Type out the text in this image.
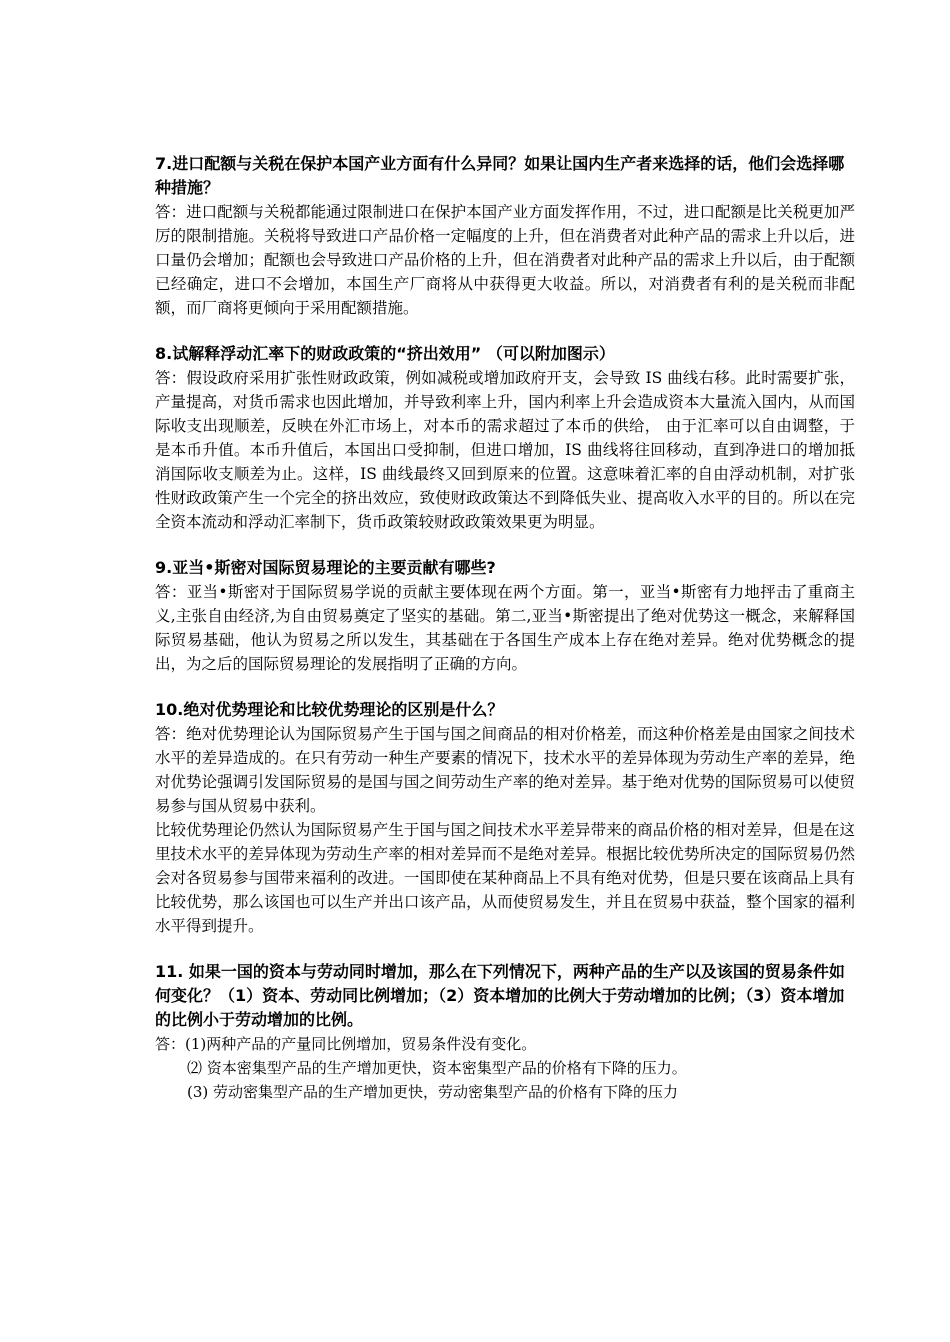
7.进口配额与关税在保护本国产业方面有什么异同？如果让国内生产者来选择的话，他们会选择哪种措施？

答：进口配额与关税都能通过限制进口在保护本国产业方面发挥作用，不过，进口配额是比关税更加严厉的限制措施。关税将导致进口产品价格一定幅度的上升，但在消费者对此种产品的需求上升以后，进口量仍会增加；配额也会导致进口产品价格的上升，但在消费者对此种产品的需求上升以后，由于配额已经确定，进口不会增加，本国生产厂商将从中获得更大收益。所以，对消费者有利的是关税而非配额，而厂商将更倾向于采用配额措施。

8.试解释浮动汇率下的财政政策的“挤出效用” （可以附加图示）

答：假设政府采用扩张性财政政策，例如减税或增加政府开支，会导致 IS 曲线右移。此时需要扩张，产量提高，对货币需求也因此增加，并导致利率上升，国内利率上升会造成资本大量流入国内，从而国际收支出现顺差，反映在外汇市场上，对本币的需求超过了本币的供给， 由于汇率可以自由调整，于是本币升值。本币升值后，本国出口受抑制，但进口增加，IS 曲线将往回移动，直到净进口的增加抵消国际收支顺差为止。这样，IS 曲线最终又回到原来的位置。这意味着汇率的自由浮动机制，对扩张性财政政策产生一个完全的挤出效应，致使财政政策达不到降低失业、提高收入水平的目的。所以在完全资本流动和浮动汇率制下，货币政策较财政政策效果更为明显。

9.亚当•斯密对国际贸易理论的主要贡献有哪些?

答：亚当•斯密对于国际贸易学说的贡献主要体现在两个方面。第一，亚当•斯密有力地抨击了重商主义,主张自由经济,为自由贸易奠定了坚实的基础。第二,亚当•斯密提出了绝对优势这一概念，来解释国际贸易基础，他认为贸易之所以发生，其基础在于各国生产成本上存在绝对差异。绝对优势概念的提出，为之后的国际贸易理论的发展指明了正确的方向。

10.绝对优势理论和比较优势理论的区别是什么？

答：绝对优势理论认为国际贸易产生于国与国之间商品的相对价格差，而这种价格差是由国家之间技术水平的差异造成的。在只有劳动一种生产要素的情况下，技术水平的差异体现为劳动生产率的差异，绝对优势论强调引发国际贸易的是国与国之间劳动生产率的绝对差异。基于绝对优势的国际贸易可以使贸易参与国从贸易中获利。

比较优势理论仍然认为国际贸易产生于国与国之间技术水平差异带来的商品价格的相对差异，但是在这里技术水平的差异体现为劳动生产率的相对差异而不是绝对差异。根据比较优势所决定的国际贸易仍然会对各贸易参与国带来福利的改进。一国即使在某种商品上不具有绝对优势，但是只要在该商品上具有比较优势，那么该国也可以生产并出口该产品，从而使贸易发生，并且在贸易中获益，整个国家的福利水平得到提升。

11. 如果一国的资本与劳动同时增加，那么在下列情况下，两种产品的生产以及该国的贸易条件如何变化？（1）资本、劳动同比例增加；（2）资本增加的比例大于劳动增加的比例；（3）资本增加的比例小于劳动增加的比例。

答：(1)两种产品的产量同比例增加，贸易条件没有变化。

⑵ 资本密集型产品的生产增加更快，资本密集型产品的价格有下降的压力。

(3) 劳动密集型产品的生产增加更快，劳动密集型产品的价格有下降的压力
